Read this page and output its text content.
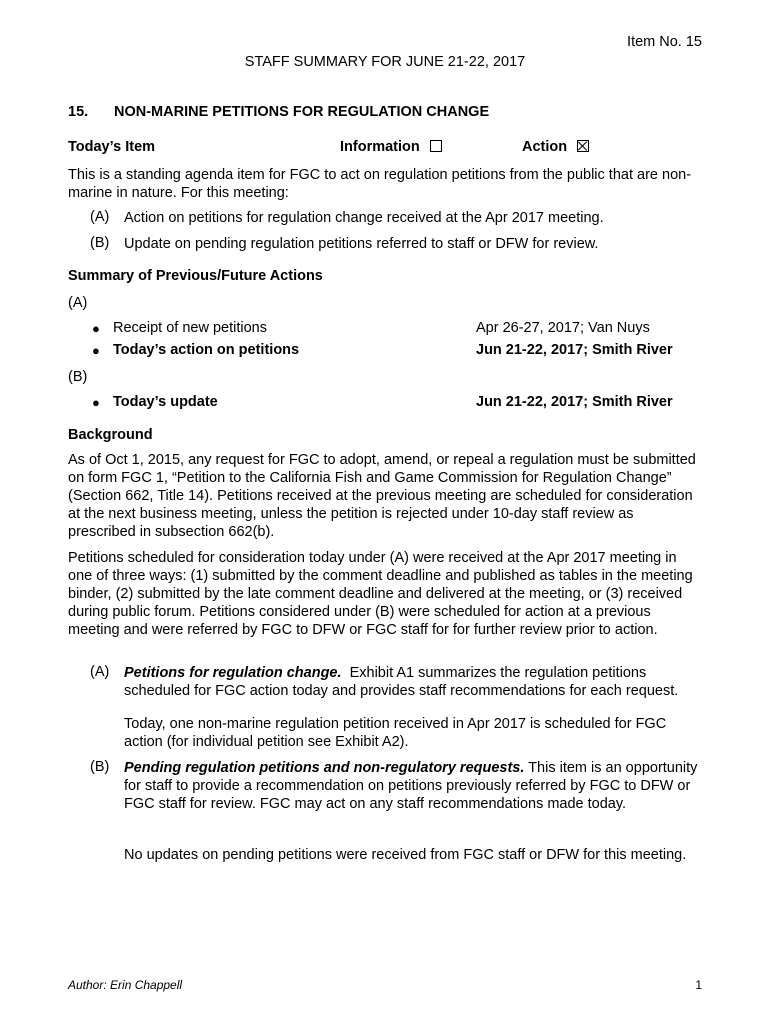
Item No. 15
STAFF SUMMARY FOR JUNE 21-22, 2017
15. NON-MARINE PETITIONS FOR REGULATION CHANGE
Today’s Item	Information	Action
This is a standing agenda item for FGC to act on regulation petitions from the public that are non-marine in nature. For this meeting:
(A) Action on petitions for regulation change received at the Apr 2017 meeting.
(B) Update on pending regulation petitions referred to staff or DFW for review.
Summary of Previous/Future Actions
(A)
● Receipt of new petitions	Apr 26-27, 2017; Van Nuys
● Today’s action on petitions	Jun 21-22, 2017; Smith River
(B)
● Today’s update	Jun 21-22, 2017; Smith River
Background
As of Oct 1, 2015, any request for FGC to adopt, amend, or repeal a regulation must be submitted on form FGC 1, “Petition to the California Fish and Game Commission for Regulation Change” (Section 662, Title 14). Petitions received at the previous meeting are scheduled for consideration at the next business meeting, unless the petition is rejected under 10-day staff review as prescribed in subsection 662(b).
Petitions scheduled for consideration today under (A) were received at the Apr 2017 meeting in one of three ways: (1) submitted by the comment deadline and published as tables in the meeting binder, (2) submitted by the late comment deadline and delivered at the meeting, or (3) received during public forum. Petitions considered under (B) were scheduled for action at a previous meeting and were referred by FGC to DFW or FGC staff for for further review prior to action.
(A) Petitions for regulation change. Exhibit A1 summarizes the regulation petitions scheduled for FGC action today and provides staff recommendations for each request.
Today, one non-marine regulation petition received in Apr 2017 is scheduled for FGC action (for individual petition see Exhibit A2).
(B) Pending regulation petitions and non-regulatory requests. This item is an opportunity for staff to provide a recommendation on petitions previously referred by FGC to DFW or FGC staff for review. FGC may act on any staff recommendations made today.
No updates on pending petitions were received from FGC staff or DFW for this meeting.
Author: Erin Chappell	1
